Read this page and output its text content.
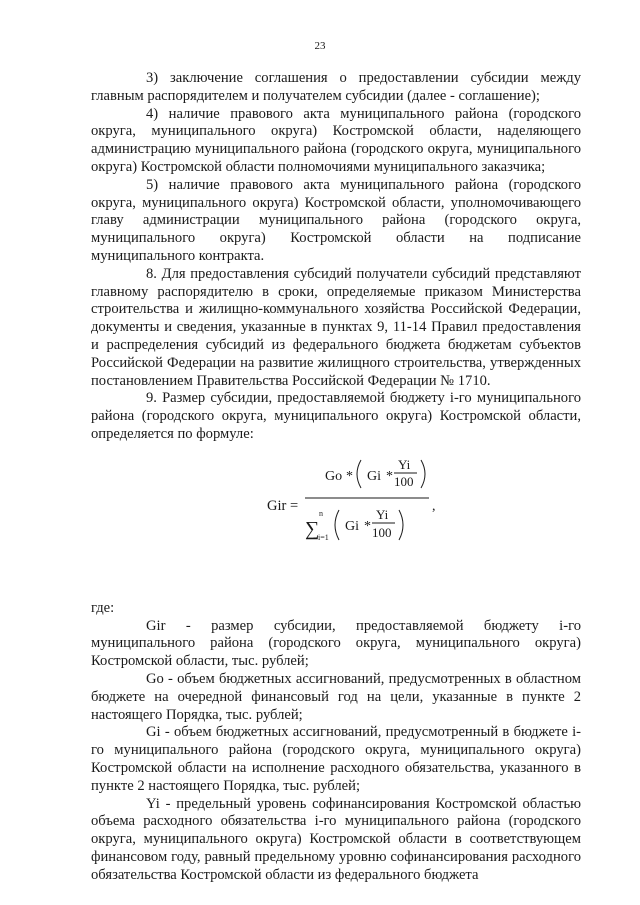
23

3) заключение соглашения о предоставлении субсидии между главным распорядителем и получателем субсидии (далее - соглашение);

4) наличие правового акта муниципального района (городского округа, муниципального округа) Костромской области, наделяющего администрацию муниципального района (городского округа, муниципального округа) Костромской области полномочиями муниципального заказчика;

5) наличие правового акта муниципального района (городского округа, муниципального округа) Костромской области, уполномочивающего главу администрации муниципального района (городского округа, муниципального округа) Костромской области на подписание муниципального контракта.

8. Для предоставления субсидий получатели субсидий представляют главному распорядителю в сроки, определяемые приказом Министерства строительства и жилищно-коммунального хозяйства Российской Федерации, документы и сведения, указанные в пунктах 9, 11-14 Правил предоставления и распределения субсидий из федерального бюджета бюджетам субъектов Российской Федерации на развитие жилищного строительства, утвержденных постановлением Правительства Российской Федерации № 1710.

9. Размер субсидии, предоставляемой бюджету i-го муниципального района (городского округа, муниципального округа) Костромской области, определяется по формуле:

Gir =
Go * Gi *
Yi
100
∑
n
i=1
Gi *
Yi
100
,

где:

Gir - размер субсидии, предоставляемой бюджету i-го муниципального района (городского округа, муниципального округа) Костромской области, тыс. рублей;

Go - объем бюджетных ассигнований, предусмотренных в областном бюджете на очередной финансовый год на цели, указанные в пункте 2 настоящего Порядка, тыс. рублей;

Gi - объем бюджетных ассигнований, предусмотренный в бюджете i-го муниципального района (городского округа, муниципального округа) Костромской области на исполнение расходного обязательства, указанного в пункте 2 настоящего Порядка, тыс. рублей;

Yi - предельный уровень софинансирования Костромской областью объема расходного обязательства i-го муниципального района (городского округа, муниципального округа) Костромской области в соответствующем финансовом году, равный предельному уровню софинансирования расходного обязательства Костромской области из федерального бюджета
